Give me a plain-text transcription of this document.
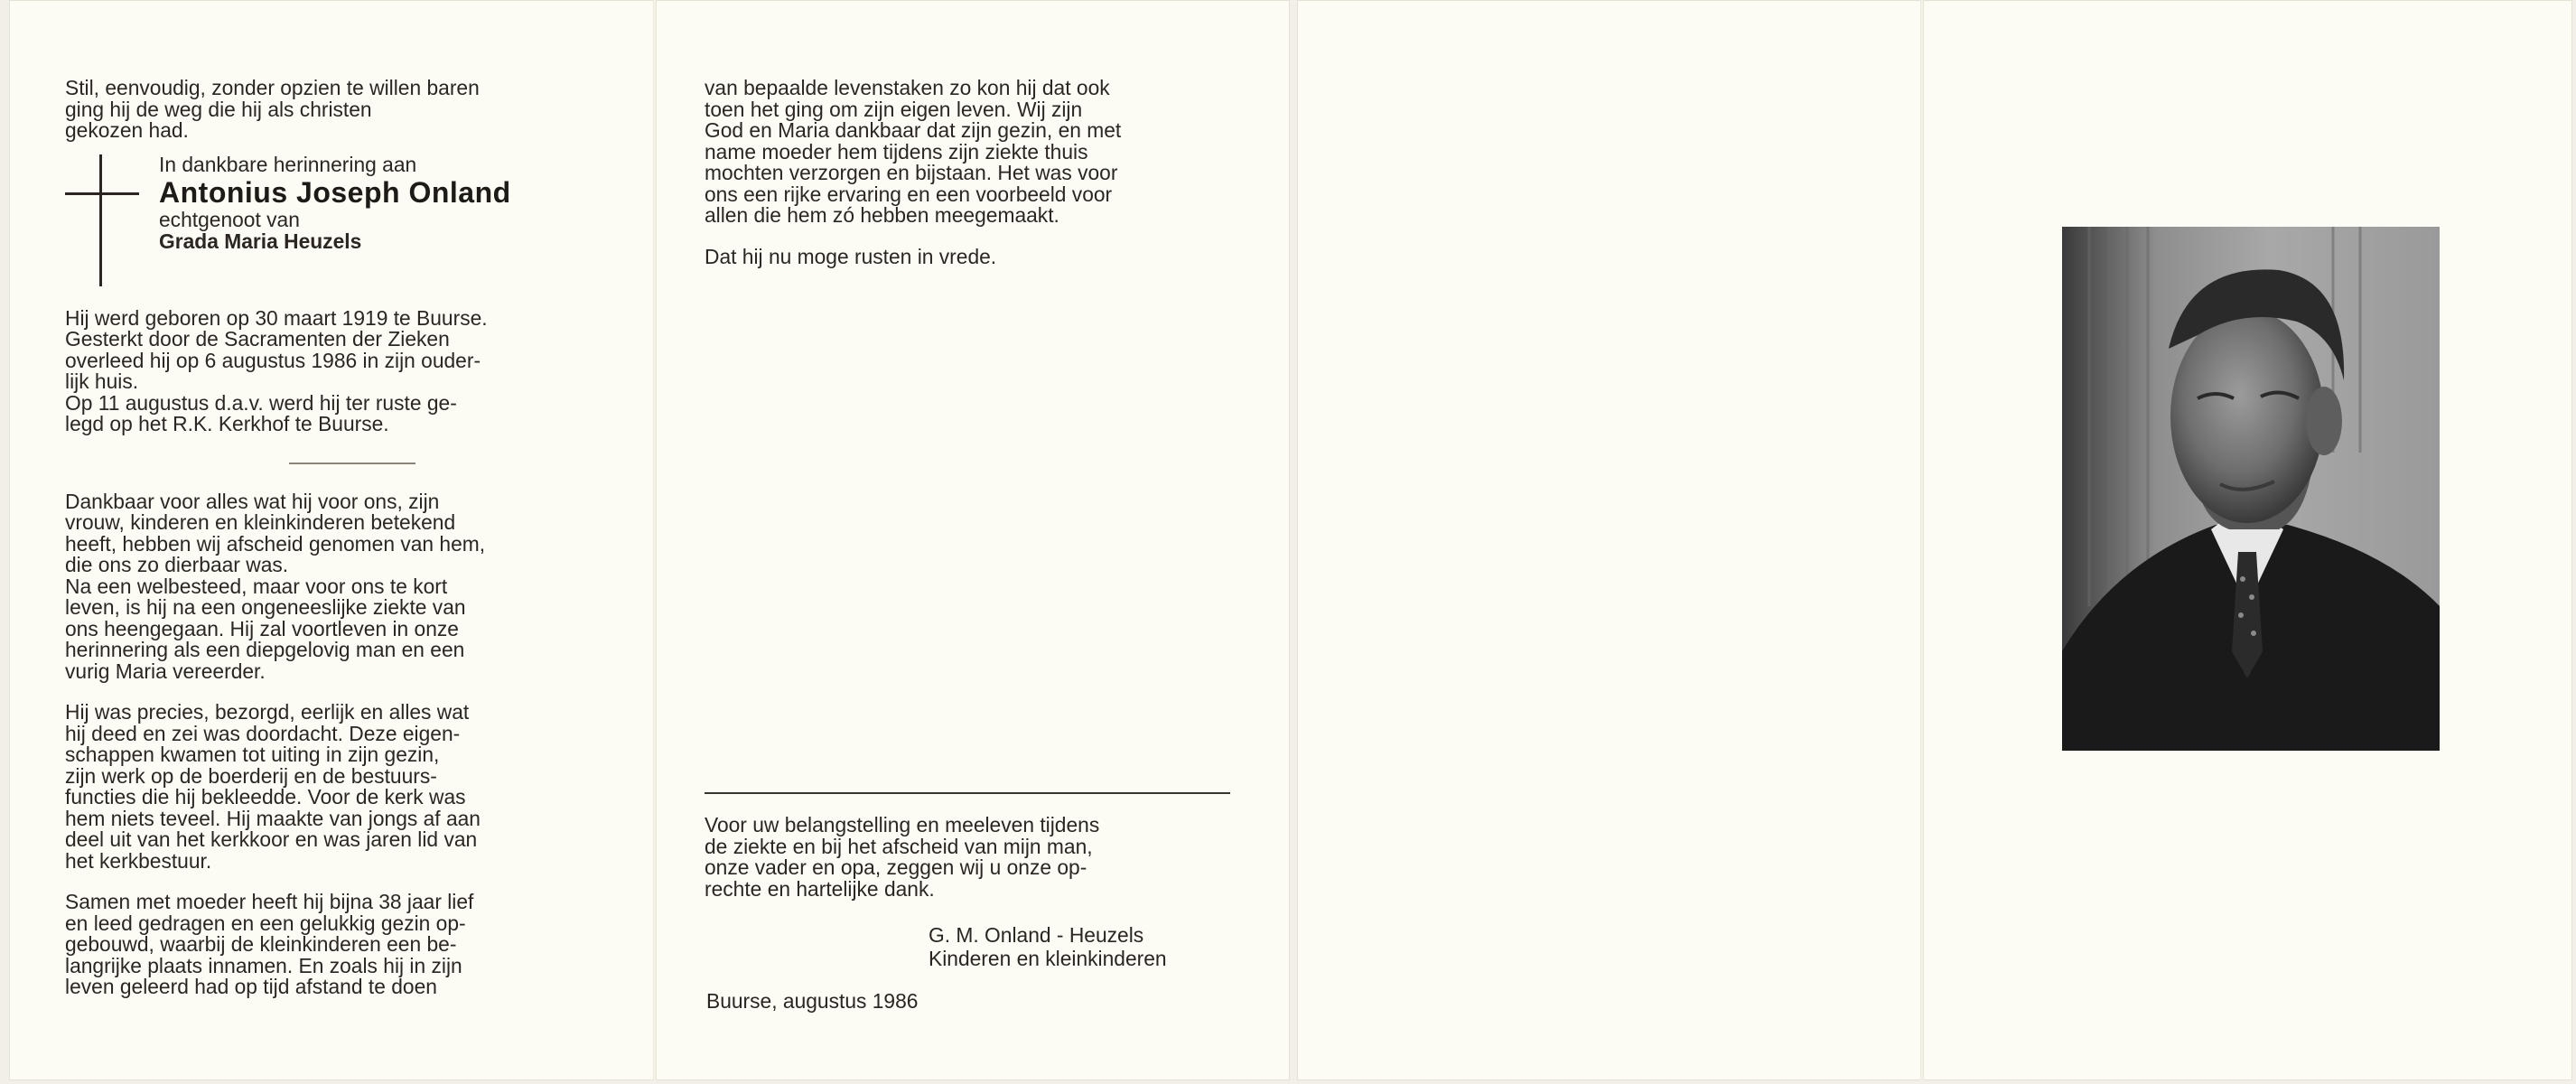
Stil, eenvoudig, zonder opzien te willen baren
ging hij de weg die hij als christen
gekozen had.

In dankbare herinnering aan

Antonius Joseph Onland

echtgenoot van

Grada Maria Heuzels

Hij werd geboren op 30 maart 1919 te Buurse.
Gesterkt door de Sacramenten der Zieken
overleed hij op 6 augustus 1986 in zijn ouder-
lijk huis.
Op 11 augustus d.a.v. werd hij ter ruste ge-
legd op het R.K. Kerkhof te Buurse.

Dankbaar voor alles wat hij voor ons, zijn
vrouw, kinderen en kleinkinderen betekend
heeft, hebben wij afscheid genomen van hem,
die ons zo dierbaar was.
Na een welbesteed, maar voor ons te kort
leven, is hij na een ongeneeslijke ziekte van
ons heengegaan. Hij zal voortleven in onze
herinnering als een diepgelovig man en een
vurig Maria vereerder.

Hij was precies, bezorgd, eerlijk en alles wat
hij deed en zei was doordacht. Deze eigen-
schappen kwamen tot uiting in zijn gezin,
zijn werk op de boerderij en de bestuurs-
functies die hij bekleedde. Voor de kerk was
hem niets teveel. Hij maakte van jongs af aan
deel uit van het kerkkoor en was jaren lid van
het kerkbestuur.

Samen met moeder heeft hij bijna 38 jaar lief
en leed gedragen en een gelukkig gezin op-
gebouwd, waarbij de kleinkinderen een be-
langrijke plaats innamen. En zoals hij in zijn
leven geleerd had op tijd afstand te doen

van bepaalde levenstaken zo kon hij dat ook
toen het ging om zijn eigen leven. Wij zijn
God en Maria dankbaar dat zijn gezin, en met
name moeder hem tijdens zijn ziekte thuis
mochten verzorgen en bijstaan. Het was voor
ons een rijke ervaring en een voorbeeld voor
allen die hem zó hebben meegemaakt.

Dat hij nu moge rusten in vrede.

Voor uw belangstelling en meeleven tijdens
de ziekte en bij het afscheid van mijn man,
onze vader en opa, zeggen wij u onze op-
rechte en hartelijke dank.

G. M. Onland - Heuzels
Kinderen en kleinkinderen
Buurse, augustus 1986
